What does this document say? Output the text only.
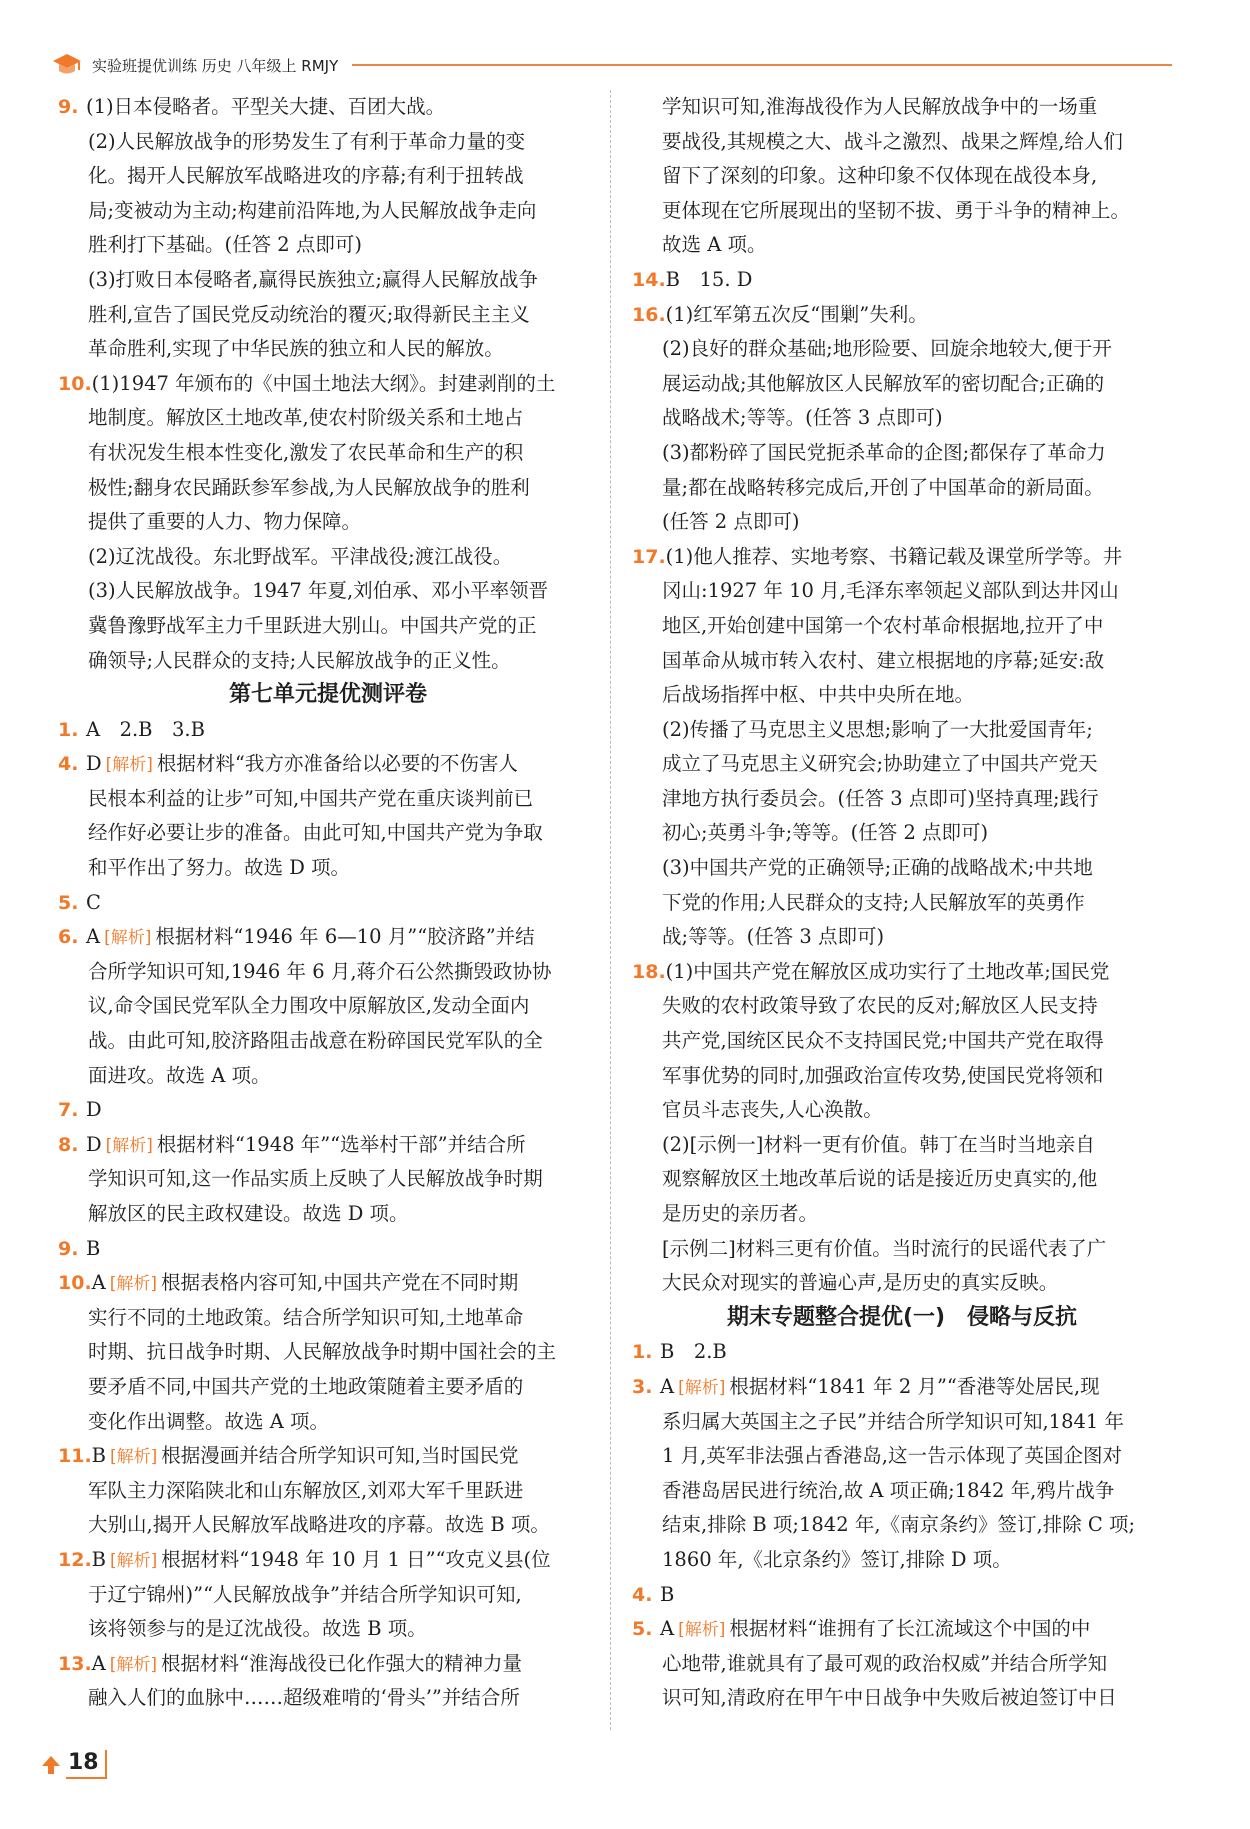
实验班提优训练 历史 八年级上 RMJY
9. (1)日本侵略者。平型关大捷、百团大战。
(2)人民解放战争的形势发生了有利于革命力量的变
化。揭开人民解放军战略进攻的序幕;有利于扭转战
局;变被动为主动;构建前沿阵地,为人民解放战争走向
胜利打下基础。(任答 2 点即可)
(3)打败日本侵略者,赢得民族独立;赢得人民解放战争
胜利,宣告了国民党反动统治的覆灭;取得新民主主义
革命胜利,实现了中华民族的独立和人民的解放。
10.(1)1947 年颁布的《中国土地法大纲》。封建剥削的土
地制度。解放区土地改革,使农村阶级关系和土地占
有状况发生根本性变化,激发了农民革命和生产的积
极性;翻身农民踊跃参军参战,为人民解放战争的胜利
提供了重要的人力、物力保障。
(2)辽沈战役。东北野战军。平津战役;渡江战役。
(3)人民解放战争。1947 年夏,刘伯承、邓小平率领晋
冀鲁豫野战军主力千里跃进大别山。中国共产党的正
确领导;人民群众的支持;人民解放战争的正义性。
第七单元提优测评卷
1. A　2.B　3.B
4. D [解析] 根据材料“我方亦准备给以必要的不伤害人
民根本利益的让步”可知,中国共产党在重庆谈判前已
经作好必要让步的准备。由此可知,中国共产党为争取
和平作出了努力。故选 D 项。
5. C
6. A [解析] 根据材料“1946 年 6—10 月”“胶济路”并结
合所学知识可知,1946 年 6 月,蒋介石公然撕毁政协协
议,命令国民党军队全力围攻中原解放区,发动全面内
战。由此可知,胶济路阻击战意在粉碎国民党军队的全
面进攻。故选 A 项。
7. D
8. D [解析] 根据材料“1948 年”“选举村干部”并结合所
学知识可知,这一作品实质上反映了人民解放战争时期
解放区的民主政权建设。故选 D 项。
9. B
10.A [解析] 根据表格内容可知,中国共产党在不同时期
实行不同的土地政策。结合所学知识可知,土地革命
时期、抗日战争时期、人民解放战争时期中国社会的主
要矛盾不同,中国共产党的土地政策随着主要矛盾的
变化作出调整。故选 A 项。
11.B [解析] 根据漫画并结合所学知识可知,当时国民党
军队主力深陷陕北和山东解放区,刘邓大军千里跃进
大别山,揭开人民解放军战略进攻的序幕。故选 B 项。
12.B [解析] 根据材料“1948 年 10 月 1 日”“攻克义县(位
于辽宁锦州)”“人民解放战争”并结合所学知识可知,
该将领参与的是辽沈战役。故选 B 项。
13.A [解析] 根据材料“淮海战役已化作强大的精神力量
融入人们的血脉中……超级难啃的‘骨头’”并结合所
学知识可知,淮海战役作为人民解放战争中的一场重
要战役,其规模之大、战斗之激烈、战果之辉煌,给人们
留下了深刻的印象。这种印象不仅体现在战役本身,
更体现在它所展现出的坚韧不拔、勇于斗争的精神上。
故选 A 项。
14.B　15. D
16.(1)红军第五次反“围剿”失利。
(2)良好的群众基础;地形险要、回旋余地较大,便于开
展运动战;其他解放区人民解放军的密切配合;正确的
战略战术;等等。(任答 3 点即可)
(3)都粉碎了国民党扼杀革命的企图;都保存了革命力
量;都在战略转移完成后,开创了中国革命的新局面。
(任答 2 点即可)
17.(1)他人推荐、实地考察、书籍记载及课堂所学等。井
冈山:1927 年 10 月,毛泽东率领起义部队到达井冈山
地区,开始创建中国第一个农村革命根据地,拉开了中
国革命从城市转入农村、建立根据地的序幕;延安:敌
后战场指挥中枢、中共中央所在地。
(2)传播了马克思主义思想;影响了一大批爱国青年;
成立了马克思主义研究会;协助建立了中国共产党天
津地方执行委员会。(任答 3 点即可)坚持真理;践行
初心;英勇斗争;等等。(任答 2 点即可)
(3)中国共产党的正确领导;正确的战略战术;中共地
下党的作用;人民群众的支持;人民解放军的英勇作
战;等等。(任答 3 点即可)
18.(1)中国共产党在解放区成功实行了土地改革;国民党
失败的农村政策导致了农民的反对;解放区人民支持
共产党,国统区民众不支持国民党;中国共产党在取得
军事优势的同时,加强政治宣传攻势,使国民党将领和
官员斗志丧失,人心涣散。
(2)[示例一]材料一更有价值。韩丁在当时当地亲自
观察解放区土地改革后说的话是接近历史真实的,他
是历史的亲历者。
[示例二]材料三更有价值。当时流行的民谣代表了广
大民众对现实的普遍心声,是历史的真实反映。
期末专题整合提优(一)　侵略与反抗
1. B　2.B
3. A [解析] 根据材料“1841 年 2 月”“香港等处居民,现
系归属大英国主之子民”并结合所学知识可知,1841 年
1 月,英军非法强占香港岛,这一告示体现了英国企图对
香港岛居民进行统治,故 A 项正确;1842 年,鸦片战争
结束,排除 B 项;1842 年,《南京条约》签订,排除 C 项;
1860 年,《北京条约》签订,排除 D 项。
4. B
5. A [解析] 根据材料“谁拥有了长江流域这个中国的中
心地带,谁就具有了最可观的政治权威”并结合所学知
识可知,清政府在甲午中日战争中失败后被迫签订中日
18
